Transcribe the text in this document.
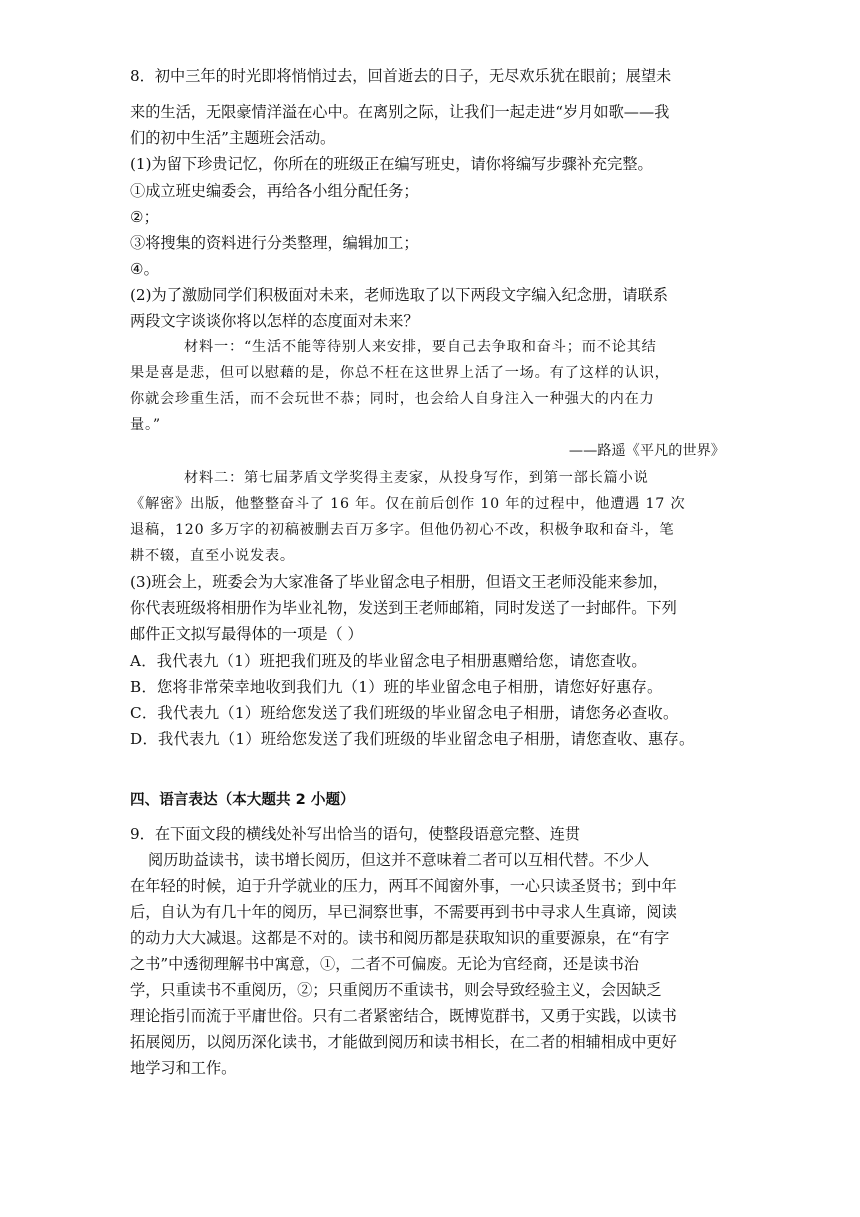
8．初中三年的时光即将悄悄过去，回首逝去的日子，无尽欢乐犹在眼前；展望未
来的生活，无限豪情洋溢在心中。在离别之际，让我们一起走进“岁月如歌——我
们的初中生活”主题班会活动。
(1)为留下珍贵记忆，你所在的班级正在编写班史，请你将编写步骤补充完整。
①成立班史编委会，再给各小组分配任务；
②；
③将搜集的资料进行分类整理，编辑加工；
④。
(2)为了激励同学们积极面对未来，老师选取了以下两段文字编入纪念册，请联系
两段文字谈谈你将以怎样的态度面对未来？
材料一：“生活不能等待别人来安排，要自己去争取和奋斗；而不论其结
果是喜是悲，但可以慰藉的是，你总不枉在这世界上活了一场。有了这样的认识，
你就会珍重生活，而不会玩世不恭；同时，也会给人自身注入一种强大的内在力
量。”
——路遥《平凡的世界》
材料二：第七届茅盾文学奖得主麦家，从投身写作，到第一部长篇小说
《解密》出版，他整整奋斗了 16 年。仅在前后创作 10 年的过程中，他遭遇 17 次
退稿，120 多万字的初稿被删去百万多字。但他仍初心不改，积极争取和奋斗，笔
耕不辍，直至小说发表。
(3)班会上，班委会为大家准备了毕业留念电子相册，但语文王老师没能来参加，
你代表班级将相册作为毕业礼物，发送到王老师邮箱，同时发送了一封邮件。下列
邮件正文拟写最得体的一项是（ ）
A．我代表九（1）班把我们班及的毕业留念电子相册惠赠给您，请您查收。
B．您将非常荣幸地收到我们九（1）班的毕业留念电子相册，请您好好惠存。
C．我代表九（1）班给您发送了我们班级的毕业留念电子相册，请您务必查收。
D．我代表九（1）班给您发送了我们班级的毕业留念电子相册，请您查收、惠存。
四、语言表达（本大题共 2 小题）
9．在下面文段的横线处补写出恰当的语句，使整段语意完整、连贯
阅历助益读书，读书增长阅历，但这并不意味着二者可以互相代替。不少人
在年轻的时候，迫于升学就业的压力，两耳不闻窗外事，一心只读圣贤书；到中年
后，自认为有几十年的阅历，早已洞察世事，不需要再到书中寻求人生真谛，阅读
的动力大大减退。这都是不对的。读书和阅历都是获取知识的重要源泉，在“有字
之书”中透彻理解书中寓意，①，二者不可偏废。无论为官经商，还是读书治
学，只重读书不重阅历，②；只重阅历不重读书，则会导致经验主义，会因缺乏
理论指引而流于平庸世俗。只有二者紧密结合，既博览群书，又勇于实践，以读书
拓展阅历，以阅历深化读书，才能做到阅历和读书相长，在二者的相辅相成中更好
地学习和工作。
